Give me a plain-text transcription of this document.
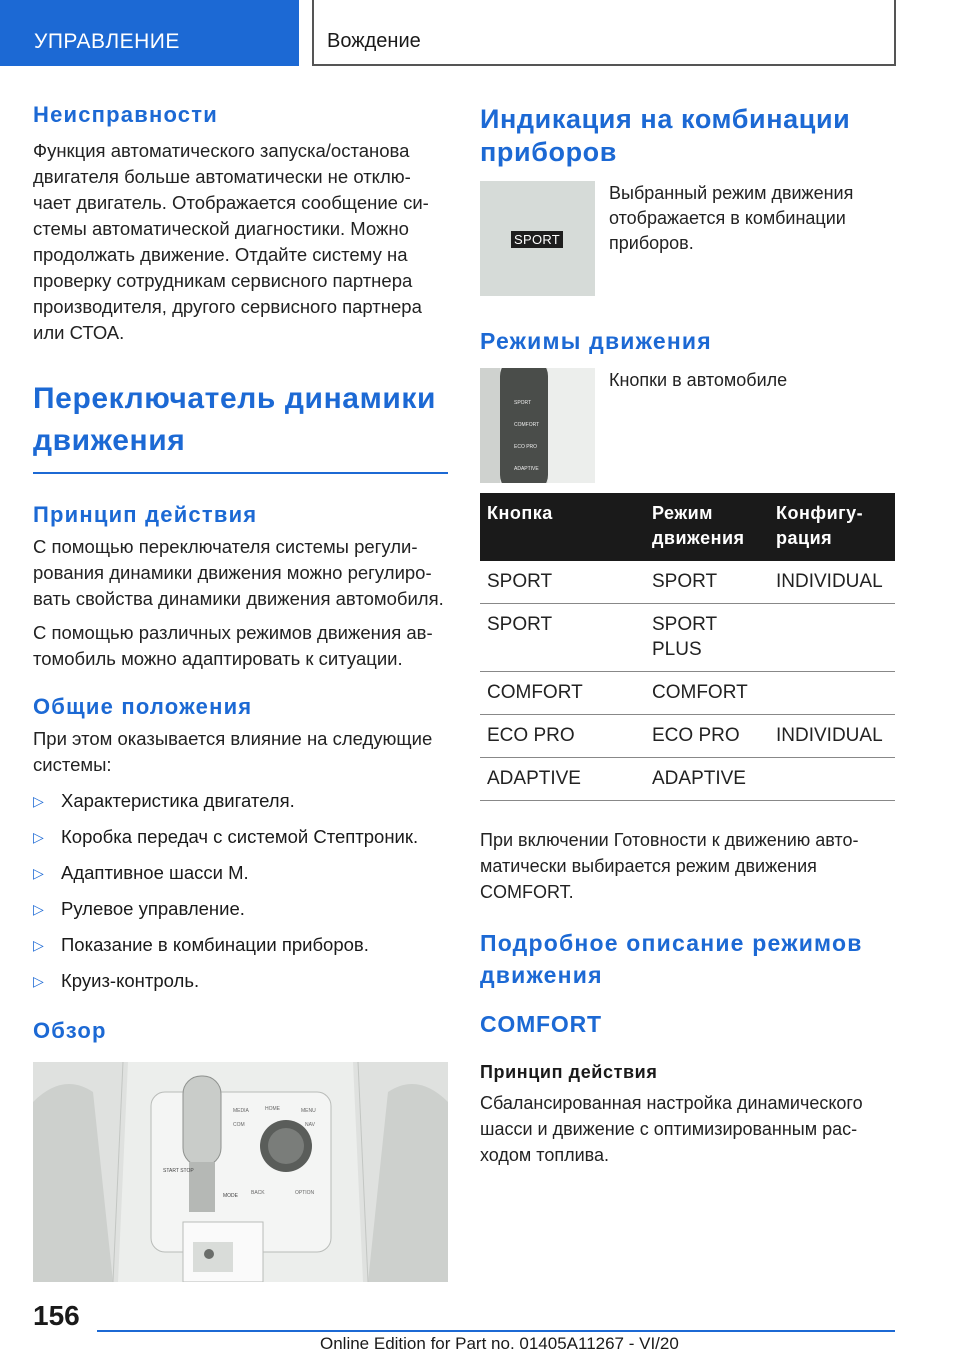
УПРАВЛЕНИЕ	Вождение
Неисправности
Функция автоматического запуска/останова двигателя больше автоматически не отклю-чает двигатель. Отображается сообщение си-стемы автоматической диагностики. Можно продолжать движение. Отдайте систему на проверку сотрудникам сервисного партнера производителя, другого сервисного партнера или СТОА.
Переключатель динамики движения
Принцип действия
С помощью переключателя системы регули-рования динамики движения можно регулиро-вать свойства динамики движения автомобиля.
С помощью различных режимов движения ав-томобиль можно адаптировать к ситуации.
Общие положения
При этом оказывается влияние на следующие системы:
▷ Характеристика двигателя.
▷ Коробка передач с системой Стептроник.
▷ Адаптивное шасси M.
▷ Рулевое управление.
▷ Показание в комбинации приборов.
▷ Круиз-контроль.
Обзор
MEDIA	HOME	MENU
COM	NAV
BACK	OPTION
START STOP
MODE
Индикация на комбинации приборов
SPORT
Выбранный режим движения отображается в комбинации приборов.
Режимы движения
SPORT
COMFORT
ECO PRO
ADAPTIVE
Кнопки в автомобиле
Кнопка	Режим движения	Конфигу-рация
SPORT	SPORT	INDIVIDUAL
SPORT	SPORT PLUS	
COMFORT	COMFORT	
ECO PRO	ECO PRO	INDIVIDUAL
ADAPTIVE	ADAPTIVE	
При включении Готовности к движению авто-матически выбирается режим движения COMFORT.
Подробное описание режимов движения
COMFORT
Принцип действия
Сбалансированная настройка динамического шасси и движение с оптимизированным рас-ходом топлива.
156
Online Edition for Part no. 01405A11267 - VI/20
